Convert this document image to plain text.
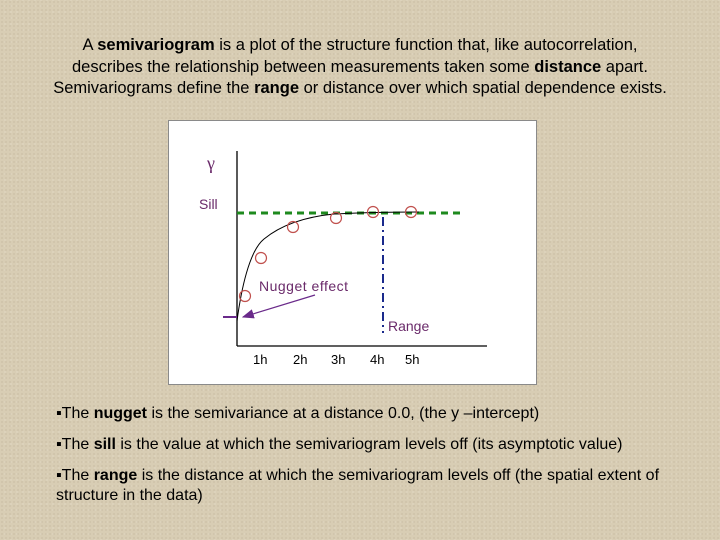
A semivariogram is a plot of the structure function that, like autocorrelation,
describes the relationship between measurements taken some distance apart.
Semivariograms define the range or distance over which spatial dependence exists.
γ
Sill
Nugget effect
Range
1h 2h 3h 4h 5h
▪The nugget is the semivariance at a distance 0.0, (the y –intercept)
▪The sill is the value at which the semivariogram levels off (its asymptotic value)
▪The range is the distance at which the semivariogram levels off (the spatial extent of structure in the data)
